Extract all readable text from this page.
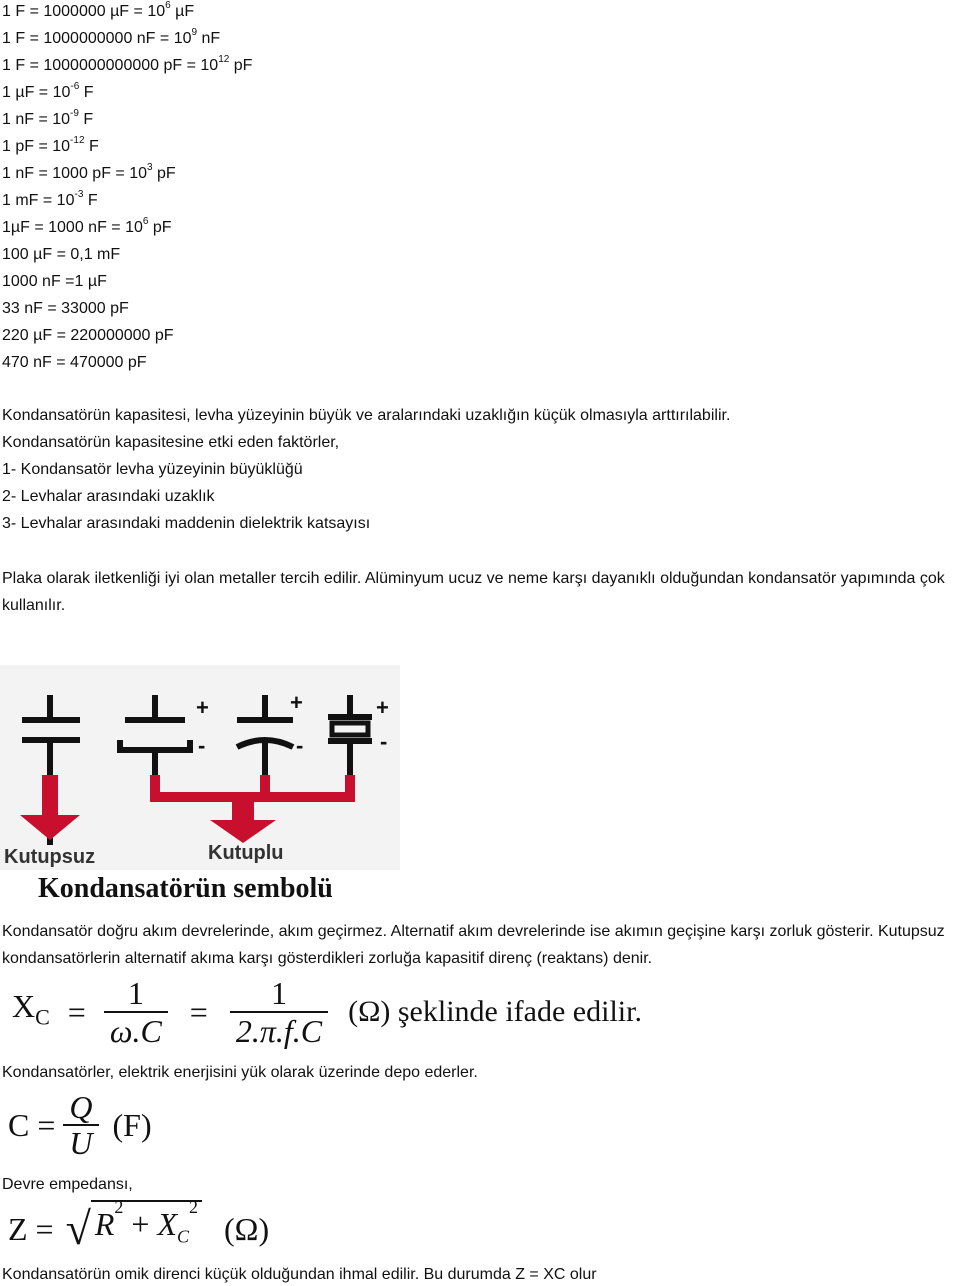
1 F = 1000000 $\mu F = 10^6$ µF
1 F = 1000000000 nF = $10^9$ nF
1 F = 1000000000000 pF = $10^{12}$ pF
1 $\mu F = 10^{-6}$ F
1 nF = $10^{-9}$ F
1 pF = $10^{-12}$ F
1 nF = 1000 pF = $10^3$ pF
1 mF = $10^{-3}$ F
1µF = 1000 nF = $10^6$ pF
100 µF = 0,1 mF
1000 nF =1 µF
33 nF = 33000 pF
220 µF = 220000000 pF
470 nF = 470000 pF
Kondansatörün kapasitesi, levha yüzeyinin büyük ve aralarındaki uzaklığın küçük olmasıyla arttırılabilir.
Kondansatörün kapasitesine etki eden faktörler,
1- Kondansatör levha yüzeyinin büyüklüğü
2- Levhalar arasındaki uzaklık
3- Levhalar arasındaki maddenin dielektrik katsayısı
Plaka olarak iletkenliği iyi olan metaller tercih edilir. Alüminyum ucuz ve neme karşı dayanıklı olduğundan kondansatör yapımında çok kullanılır.
+
-
+
-
+
-
Kutupsuz	Kutuplu
Kondansatörün sembolü
Kondansatör doğru akım devrelerinde, akım geçirmez. Alternatif akım devrelerinde ise akımın geçişine karşı zorluk gösterir. Kutupsuz kondansatörlerin alternatif akıma karşı gösterdikleri zorluğa kapasitif direnç (reaktans) denir.
$X_C = \frac{1}{\omega.C} = \frac{1}{2.\pi.f.C} (\Omega)$ şeklinde ifade edilir.
Kondansatörler, elektrik enerjisini yük olarak üzerinde depo ederler.
$C = \frac{Q}{U} (F)$
Devre empedansı,
Z = √ $R^2 + X_C^2$ (Ω)
Kondansatörün omik direnci küçük olduğundan ihmal edilir. Bu durumda Z = XC olur
